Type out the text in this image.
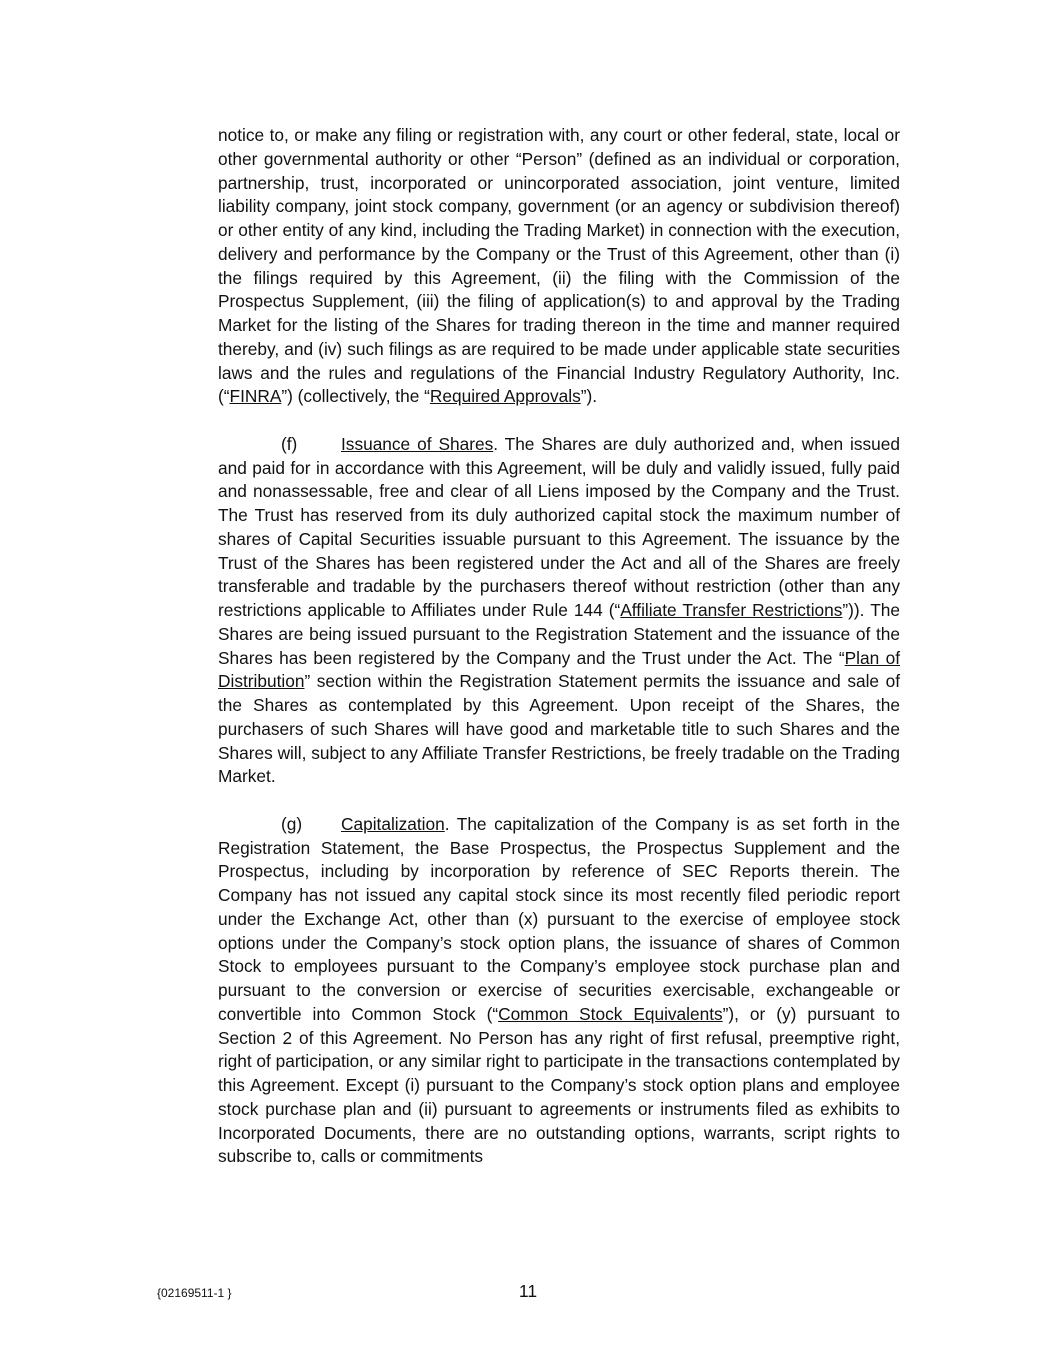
notice to, or make any filing or registration with, any court or other federal, state, local or other governmental authority or other “Person” (defined as an individual or corporation, partnership, trust, incorporated or unincorporated association, joint venture, limited liability company, joint stock company, government (or an agency or subdivision thereof) or other entity of any kind, including the Trading Market) in connection with the execution, delivery and performance by the Company or the Trust of this Agreement, other than (i) the filings required by this Agreement, (ii) the filing with the Commission of the Prospectus Supplement, (iii) the filing of application(s) to and approval by the Trading Market for the listing of the Shares for trading thereon in the time and manner required thereby, and (iv) such filings as are required to be made under applicable state securities laws and the rules and regulations of the Financial Industry Regulatory Authority, Inc. (“FINRA”) (collectively, the “Required Approvals”).

(f)	Issuance of Shares. The Shares are duly authorized and, when issued and paid for in accordance with this Agreement, will be duly and validly issued, fully paid and nonassessable, free and clear of all Liens imposed by the Company and the Trust. The Trust has reserved from its duly authorized capital stock the maximum number of shares of Capital Securities issuable pursuant to this Agreement. The issuance by the Trust of the Shares has been registered under the Act and all of the Shares are freely transferable and tradable by the purchasers thereof without restriction (other than any restrictions applicable to Affiliates under Rule 144 (“Affiliate Transfer Restrictions”)). The Shares are being issued pursuant to the Registration Statement and the issuance of the Shares has been registered by the Company and the Trust under the Act. The “Plan of Distribution” section within the Registration Statement permits the issuance and sale of the Shares as contemplated by this Agreement. Upon receipt of the Shares, the purchasers of such Shares will have good and marketable title to such Shares and the Shares will, subject to any Affiliate Transfer Restrictions, be freely tradable on the Trading Market.

(g) Capitalization. The capitalization of the Company is as set forth in the Registration Statement, the Base Prospectus, the Prospectus Supplement and the Prospectus, including by incorporation by reference of SEC Reports therein. The Company has not issued any capital stock since its most recently filed periodic report under the Exchange Act, other than (x) pursuant to the exercise of employee stock options under the Company’s stock option plans, the issuance of shares of Common Stock to employees pursuant to the Company’s employee stock purchase plan and pursuant to the conversion or exercise of securities exercisable, exchangeable or convertible into Common Stock (“Common Stock Equivalents”), or (y) pursuant to Section 2 of this Agreement. No Person has any right of first refusal, preemptive right, right of participation, or any similar right to participate in the transactions contemplated by this Agreement. Except (i) pursuant to the Company’s stock option plans and employee stock purchase plan and (ii) pursuant to agreements or instruments filed as exhibits to Incorporated Documents, there are no outstanding options, warrants, script rights to subscribe to, calls or commitments

{02169511-1 }	11
